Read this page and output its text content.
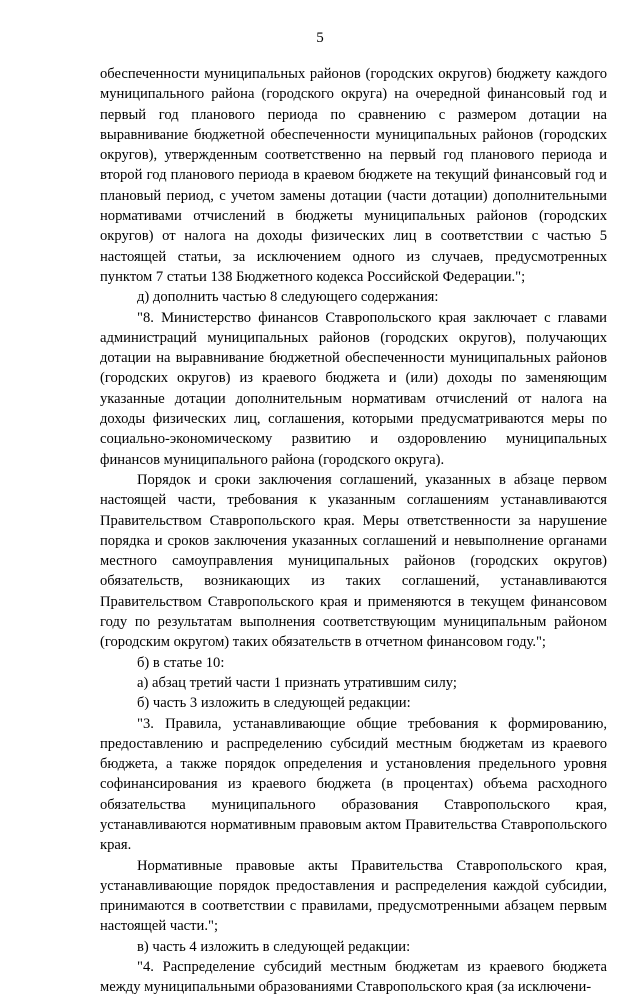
5

обеспеченности муниципальных районов (городских округов) бюджету каждого муниципального района (городского округа) на очередной финансовый год и первый год планового периода по сравнению с размером дотации на выравнивание бюджетной обеспеченности муниципальных районов (городских округов), утвержденным соответственно на первый год планового периода и второй год планового периода в краевом бюджете на текущий финансовый год и плановый период, с учетом замены дотации (части дотации) дополнительными нормативами отчислений в бюджеты муниципальных районов (городских округов) от налога на доходы физических лиц в соответствии с частью 5 настоящей статьи, за исключением одного из случаев, предусмотренных пунктом 7 статьи 138 Бюджетного кодекса Российской Федерации.";

д) дополнить частью 8 следующего содержания:

"8. Министерство финансов Ставропольского края заключает с главами администраций муниципальных районов (городских округов), получающих дотации на выравнивание бюджетной обеспеченности муниципальных районов (городских округов) из краевого бюджета и (или) доходы по заменяющим указанные дотации дополнительным нормативам отчислений от налога на доходы физических лиц, соглашения, которыми предусматриваются меры по социально-экономическому развитию и оздоровлению муниципальных финансов муниципального района (городского округа).

Порядок и сроки заключения соглашений, указанных в абзаце первом настоящей части, требования к указанным соглашениям устанавливаются Правительством Ставропольского края. Меры ответственности за нарушение порядка и сроков заключения указанных соглашений и невыполнение органами местного самоуправления муниципальных районов (городских округов) обязательств, возникающих из таких соглашений, устанавливаются Правительством Ставропольского края и применяются в текущем финансовом году по результатам выполнения соответствующим муниципальным районом (городским округом) таких обязательств в отчетном финансовом году.";

б) в статье 10:

а) абзац третий части 1 признать утратившим силу;

б) часть 3 изложить в следующей редакции:

"3. Правила, устанавливающие общие требования к формированию, предоставлению и распределению субсидий местным бюджетам из краевого бюджета, а также порядок определения и установления предельного уровня софинансирования из краевого бюджета (в процентах) объема расходного обязательства муниципального образования Ставропольского края, устанавливаются нормативным правовым актом Правительства Ставропольского края.

Нормативные правовые акты Правительства Ставропольского края, устанавливающие порядок предоставления и распределения каждой субсидии, принимаются в соответствии с правилами, предусмотренными абзацем первым настоящей части.";

в) часть 4 изложить в следующей редакции:

"4. Распределение субсидий местным бюджетам из краевого бюджета между муниципальными образованиями Ставропольского края (за исключени-
